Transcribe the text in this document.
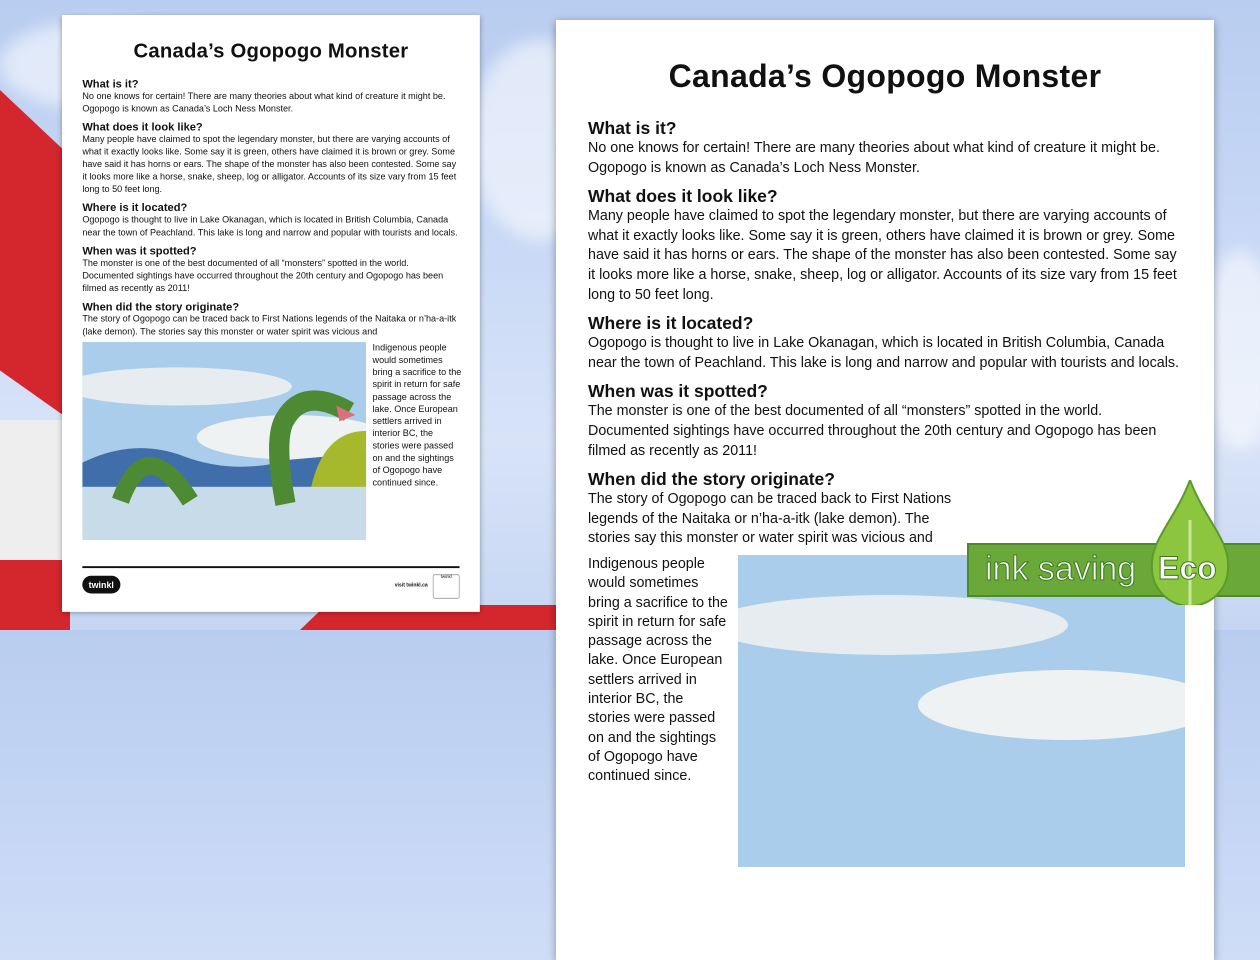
Canada’s Ogopogo Monster
What is it?

No one knows for certain! There are many theories about what kind of creature it might be. Ogopogo is known as Canada’s Loch Ness Monster.

What does it look like?

Many people have claimed to spot the legendary monster, but there are varying accounts of what it exactly looks like. Some say it is green, others have claimed it is brown or grey. Some have said it has horns or ears. The shape of the monster has also been contested. Some say it looks more like a horse, snake, sheep, log or alligator. Accounts of its size vary from 15 feet long to 50 feet long.

Where is it located?

Ogopogo is thought to live in Lake Okanagan, which is located in British Columbia, Canada near the town of Peachland. This lake is long and narrow and popular with tourists and locals.

When was it spotted?

The monster is one of the best documented of all “monsters” spotted in the world. Documented sightings have occurred throughout the 20th century and Ogopogo has been filmed as recently as 2011!

When did the story originate?

The story of Ogopogo can be traced back to First Nations legends of the Naitaka or n’ha-a-itk (lake demon). The stories say this monster or water spirit was vicious and

Indigenous people would sometimes bring a sacrifice to the spirit in return for safe passage across the lake. Once European settlers arrived in interior BC, the stories were passed on and the sightings of Ogopogo have continued since.
twinkl	visit twinkl.ca
twinkl
Canada’s Ogopogo Monster
What is it?

No one knows for certain! There are many theories about what kind of creature it might be. Ogopogo is known as Canada’s Loch Ness Monster.

What does it look like?

Many people have claimed to spot the legendary monster, but there are varying accounts of what it exactly looks like. Some say it is green, others have claimed it is brown or grey. Some have said it has horns or ears. The shape of the monster has also been contested. Some say it looks more like a horse, snake, sheep, log or alligator. Accounts of its size vary from 15 feet long to 50 feet long.

Where is it located?

Ogopogo is thought to live in Lake Okanagan, which is located in British Columbia, Canada near the town of Peachland. This lake is long and narrow and popular with tourists and locals.

When was it spotted?

The monster is one of the best documented of all “monsters” spotted in the world. Documented sightings have occurred throughout the 20th century and Ogopogo has been filmed as recently as 2011!

When did the story originate?

The story of Ogopogo can be traced back to First Nations legends of the Naitaka or n’ha-a-itk (lake demon). The stories say this monster or water spirit was vicious and

Indigenous people would sometimes bring a sacrifice to the spirit in return for safe passage across the lake. Once European settlers arrived in interior BC, the stories were passed on and the sightings of Ogopogo have continued since.
ink saving Eco
